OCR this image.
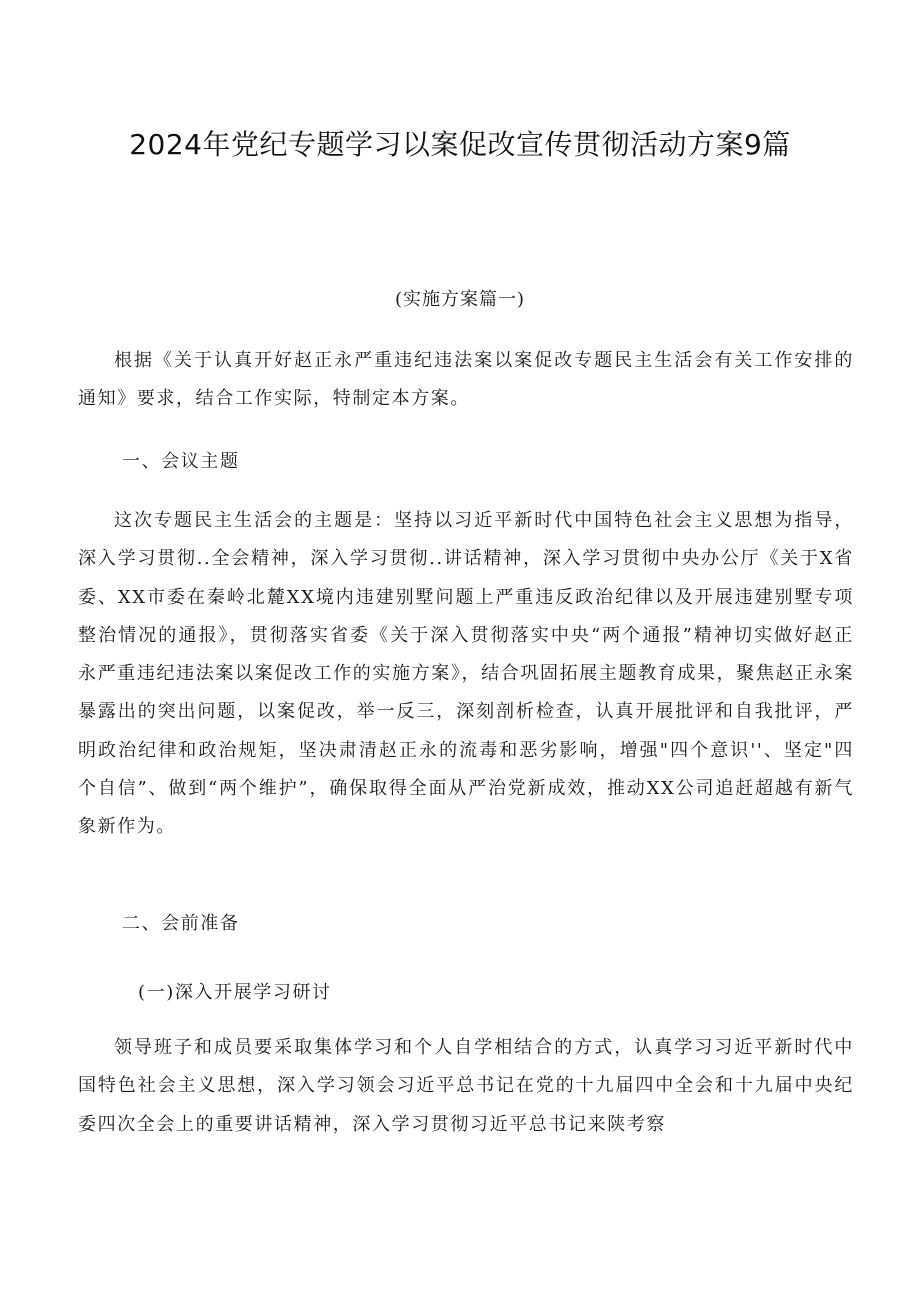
2024年党纪专题学习以案促改宣传贯彻活动方案9篇
(实施方案篇一)

根据《关于认真开好赵正永严重违纪违法案以案促改专题民主生活会有关工作安排的通知》要求，结合工作实际，特制定本方案。

一、会议主题

这次专题民主生活会的主题是：坚持以习近平新时代中国特色社会主义思想为指导，深入学习贯彻..全会精神，深入学习贯彻..讲话精神，深入学习贯彻中央办公厅《关于X省委、XX市委在秦岭北麓XX境内违建别墅问题上严重违反政治纪律以及开展违建别墅专项整治情况的通报》，贯彻落实省委《关于深入贯彻落实中央“两个通报”精神切实做好赵正永严重违纪违法案以案促改工作的实施方案》，结合巩固拓展主题教育成果，聚焦赵正永案暴露出的突出问题，以案促改，举一反三，深刻剖析检查，认真开展批评和自我批评，严明政治纪律和政治规矩，坚决肃清赵正永的流毒和恶劣影响，增强"四个意识''、坚定"四个自信”、做到“两个维护”，确保取得全面从严治党新成效，推动XX公司追赶超越有新气象新作为。

二、会前准备

(一)深入开展学习研讨

领导班子和成员要采取集体学习和个人自学相结合的方式，认真学习习近平新时代中国特色社会主义思想，深入学习领会习近平总书记在党的十九届四中全会和十九届中央纪委四次全会上的重要讲话精神，深入学习贯彻习近平总书记来陕考察
